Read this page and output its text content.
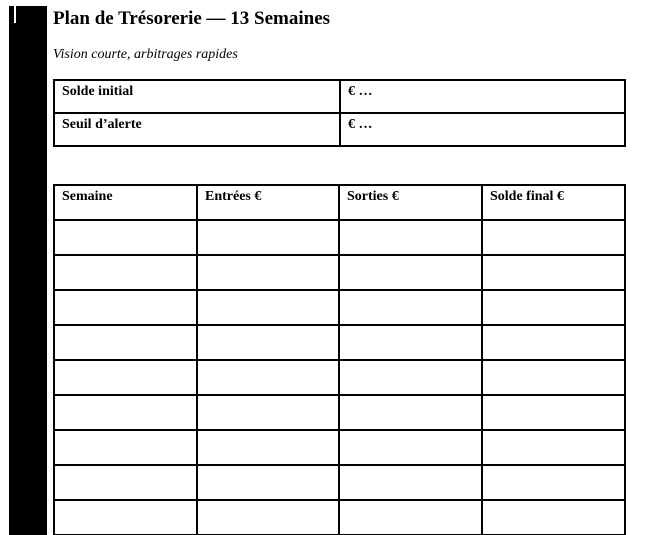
Plan de Trésorerie — 13 Semaines
Vision courte, arbitrages rapides
Solde initial	€ …
Seuil d’alerte	€ …
Semaine	Entrées €	Sorties €	Solde final €
